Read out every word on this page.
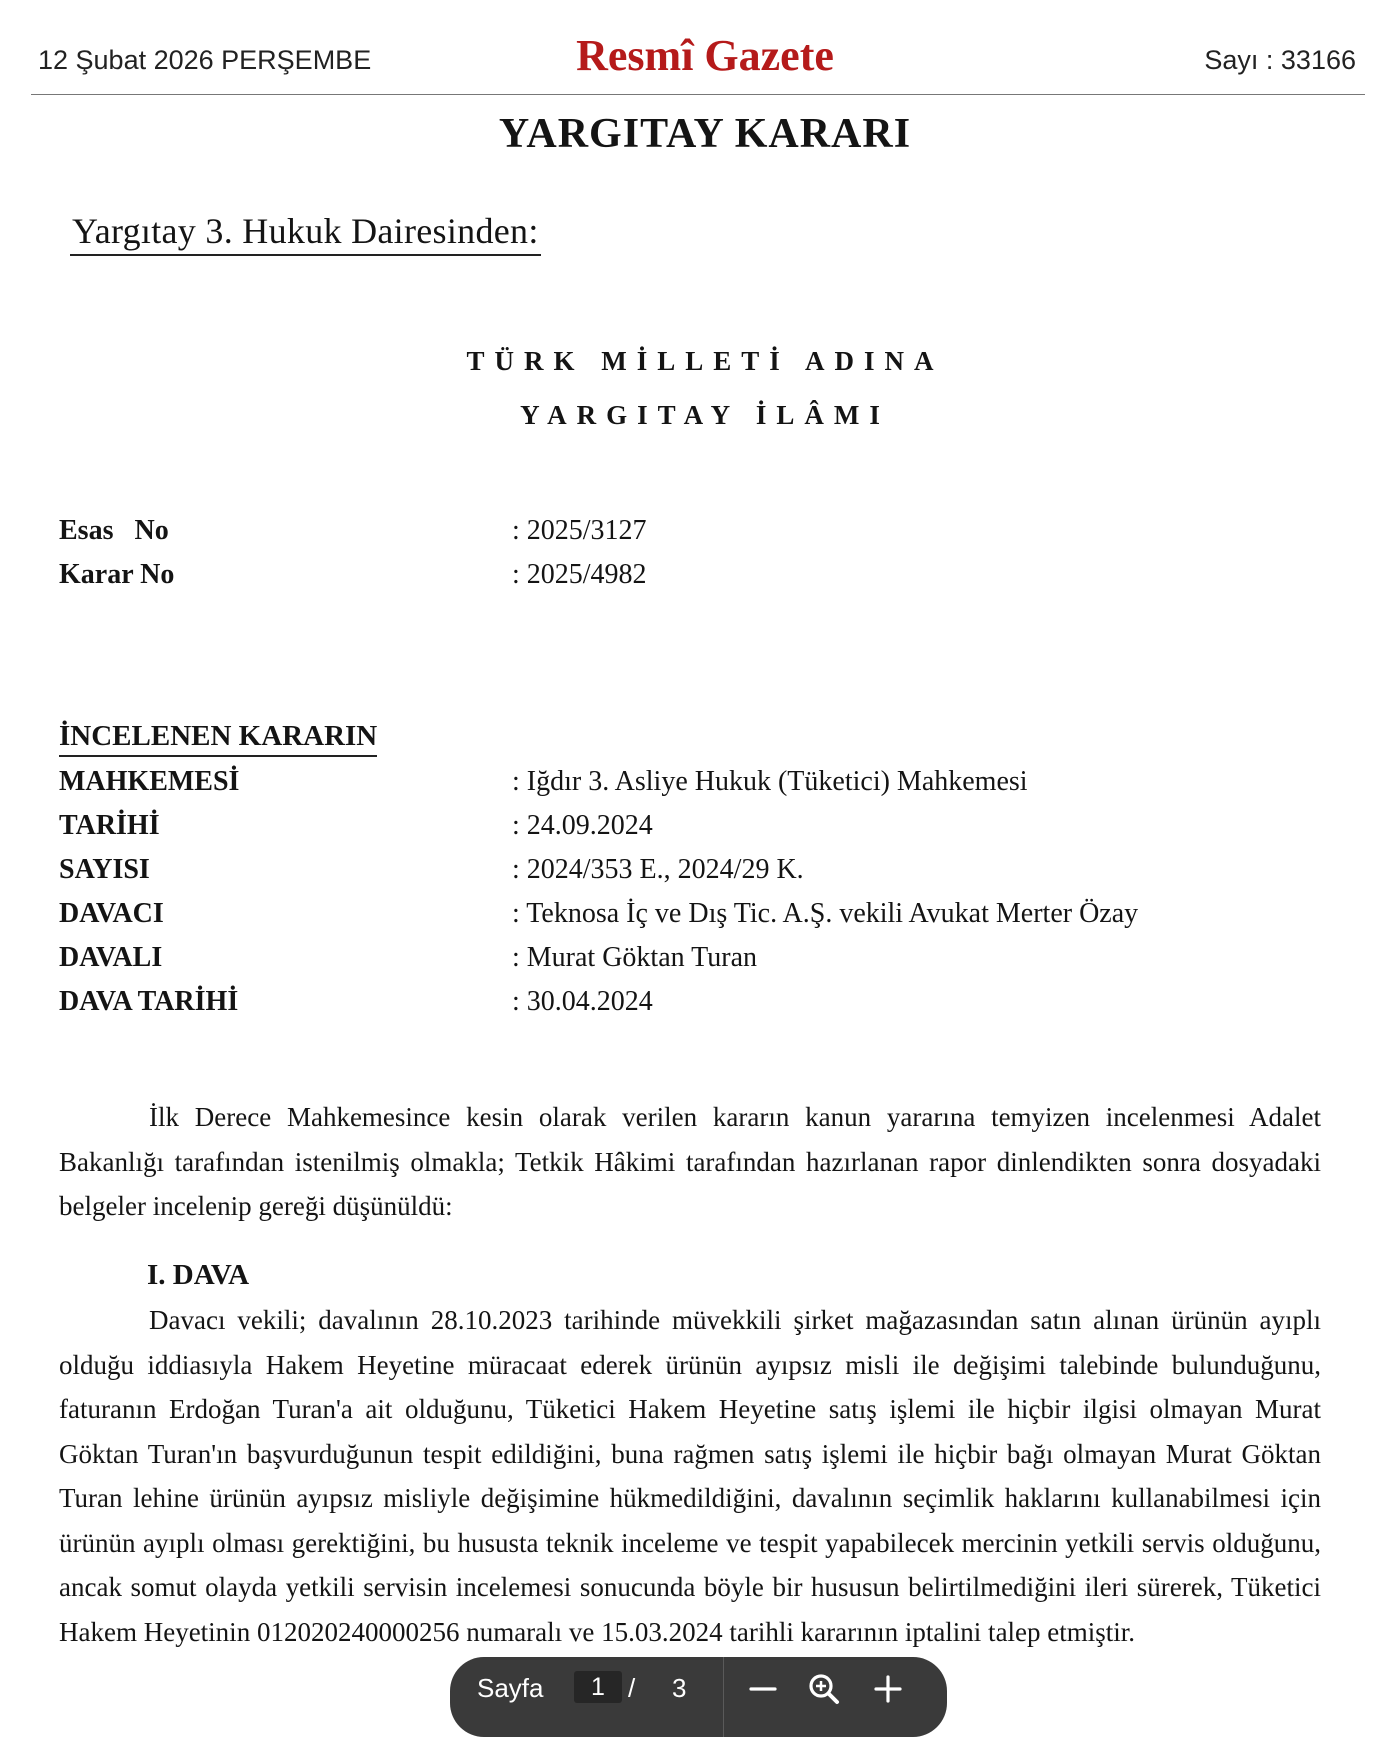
12 Şubat 2026 PERŞEMBE	Resmî Gazete	Sayı : 33166
YARGITAY KARARI
Yargıtay 3. Hukuk Dairesinden:
TÜRK MİLLETİ ADINA
YARGITAY İLÂMI
Esas No	: 2025/3127
Karar No	: 2025/4982
İNCELENEN KARARIN
MAHKEMESİ	: Iğdır 3. Asliye Hukuk (Tüketici) Mahkemesi
TARİHİ	: 24.09.2024
SAYISI	: 2024/353 E., 2024/29 K.
DAVACI	: Teknosa İç ve Dış Tic. A.Ş. vekili Avukat Merter Özay
DAVALI	: Murat Göktan Turan
DAVA TARİHİ	: 30.04.2024
İlk Derece Mahkemesince kesin olarak verilen kararın kanun yararına temyizen incelenmesi Adalet Bakanlığı tarafından istenilmiş olmakla; Tetkik Hâkimi tarafından hazırlanan rapor dinlendikten sonra dosyadaki belgeler incelenip gereği düşünüldü:
I. DAVA
Davacı vekili; davalının 28.10.2023 tarihinde müvekkili şirket mağazasından satın alınan ürünün ayıplı olduğu iddiasıyla Hakem Heyetine müracaat ederek ürünün ayıpsız misli ile değişimi talebinde bulunduğunu, faturanın Erdoğan Turan'a ait olduğunu, Tüketici Hakem Heyetine satış işlemi ile hiçbir ilgisi olmayan Murat Göktan Turan'ın başvurduğunun tespit edildiğini, buna rağmen satış işlemi ile hiçbir bağı olmayan Murat Göktan Turan lehine ürünün ayıpsız misliyle değişimine hükmedildiğini, davalının seçimlik haklarını kullanabilmesi için ürünün ayıplı olması gerektiğini, bu hususta teknik inceleme ve tespit yapabilecek mercinin yetkili servis olduğunu, ancak somut olayda yetkili servisin incelemesi sonucunda böyle bir hususun belirtilmediğini ileri sürerek, Tüketici Hakem Heyetinin 012020240000256 numaralı ve 15.03.2024 tarihli kararının iptalini talep etmiştir.
Sayfa	1 / 3
